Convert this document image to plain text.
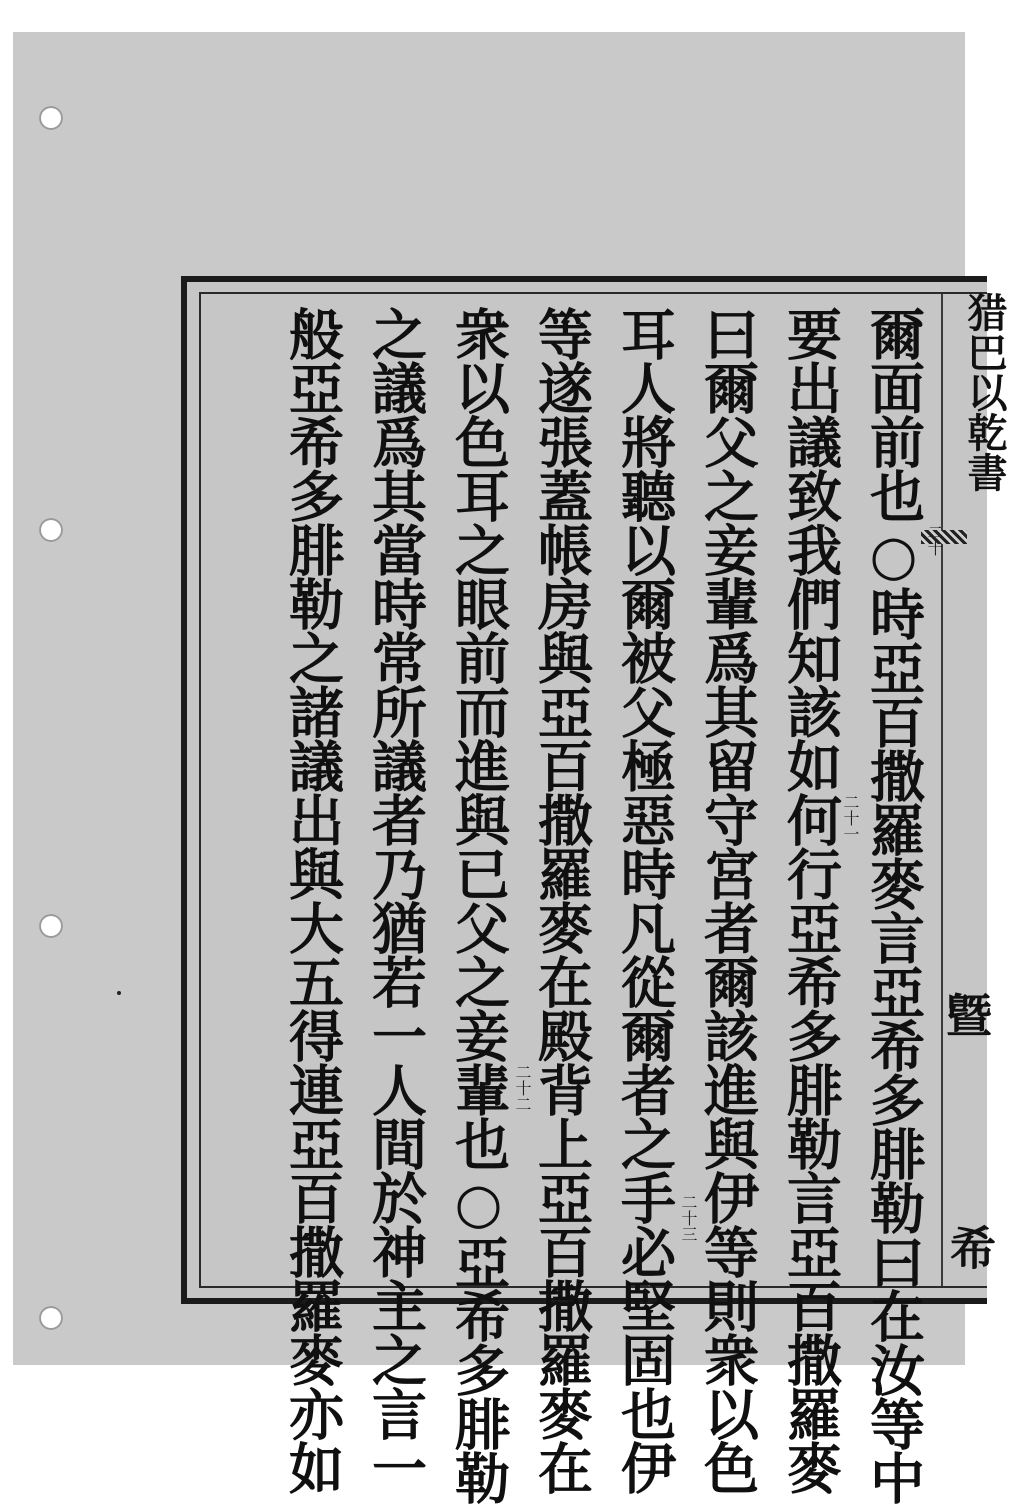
猎巴以乾書
爾面前也○時亞百撒羅麥言亞希多腓勒曰在汝等中
要出議致我們知該如何行亞希多腓勒言亞百撒羅麥
曰爾父之妾輩爲其留守宮者爾該進與伊等則衆以色
耳人將聽以爾被父極惡時凡從爾者之手必堅固也伊
等遂張蓋帳房與亞百撒羅麥在殿背上亞百撒羅麥在
衆以色耳之眼前而進與已父之妾輩也○亞希多腓勒
之議爲其當時常所議者乃猶若一人間於神主之言一
般亞希多腓勒之諸議出與大五得連亞百撒羅麥亦如	二十
二十一
二十二
二十三
曁
希
